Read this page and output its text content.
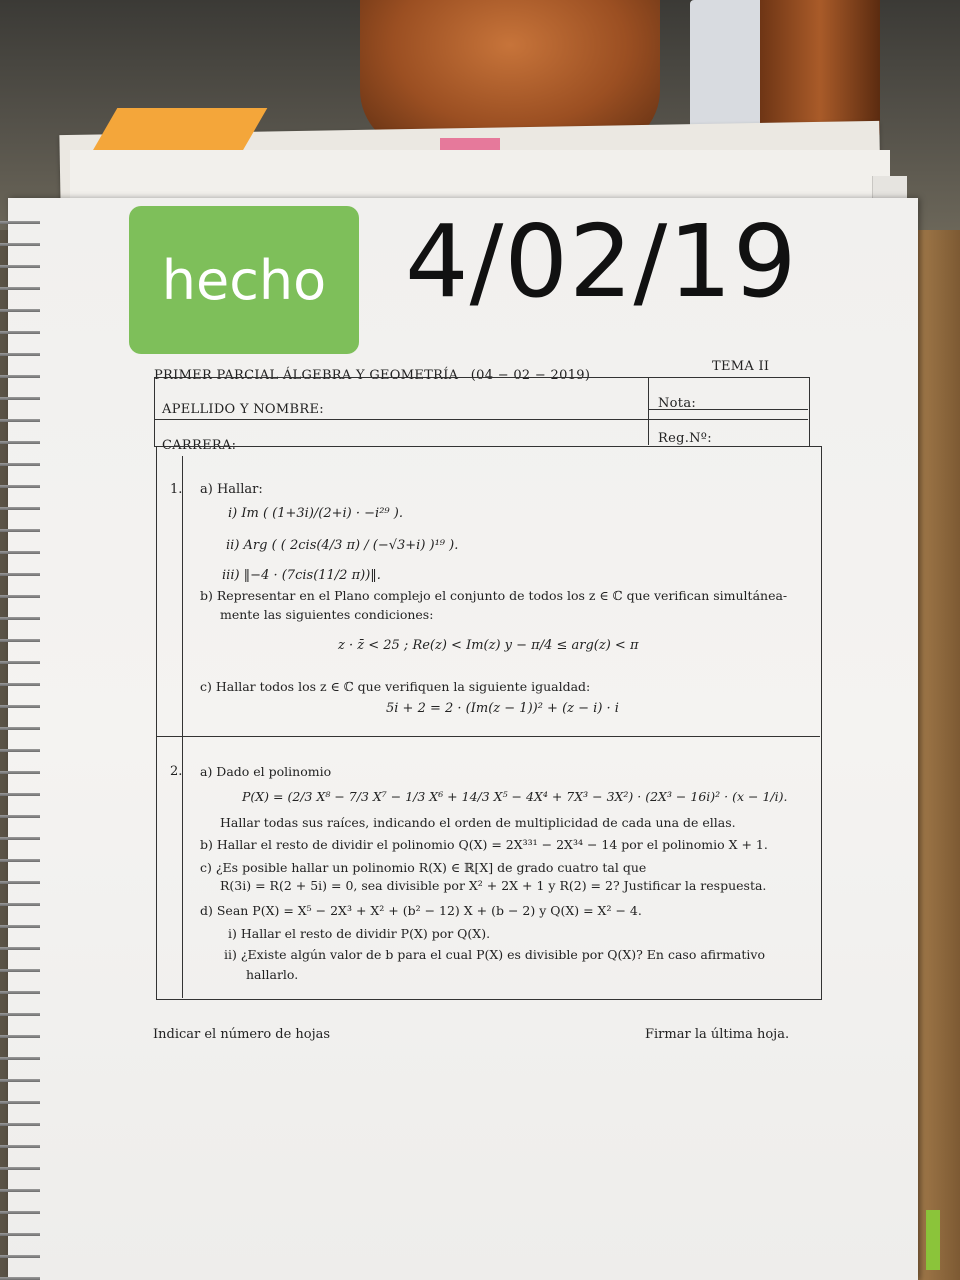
hecho 4/02/19
PRIMER PARCIAL ÁLGEBRA Y GEOMETRÍA (04 − 02 − 2019)
TEMA II
APELLIDO Y NOMBRE:	Nota:
CARRERA:	Reg.Nº:
1. a) Hallar:
i) Im ( (1+3i)/(2+i) · −i²⁹ ).
ii) Arg ( ( 2cis(4/3 π) / (−√3+i) )¹⁹ ).
iii) ‖−4 · (7cis(11/2 π))‖.
b) Representar en el Plano complejo el conjunto de todos los z ∈ ℂ que verifican simultánea-
mente las siguientes condiciones:
z · z̄ < 25 ; Re(z) < Im(z) y − π/4 ≤ arg(z) < π
c) Hallar todos los z ∈ ℂ que verifiquen la siguiente igualdad:
5i + 2 = 2 · (Im(z − 1))² + (z − i) · i
2. a) Dado el polinomio
P(X) = (2/3 X⁸ − 7/3 X⁷ − 1/3 X⁶ + 14/3 X⁵ − 4X⁴ + 7X³ − 3X²) · (2X³ − 16i)² · (x − 1/i).
Hallar todas sus raíces, indicando el orden de multiplicidad de cada una de ellas.
b) Hallar el resto de dividir el polinomio Q(X) = 2X³³¹ − 2X³⁴ − 14 por el polinomio X + 1.
c) ¿Es posible hallar un polinomio R(X) ∈ ℝ[X] de grado cuatro tal que
R(3i) = R(2 + 5i) = 0, sea divisible por X² + 2X + 1 y R(2) = 2? Justificar la respuesta.
d) Sean P(X) = X⁵ − 2X³ + X² + (b² − 12) X + (b − 2) y Q(X) = X² − 4.
i) Hallar el resto de dividir P(X) por Q(X).
ii) ¿Existe algún valor de b para el cual P(X) es divisible por Q(X)? En caso afirmativo
hallarlo.
Indicar el número de hojas	Firmar la última hoja.
